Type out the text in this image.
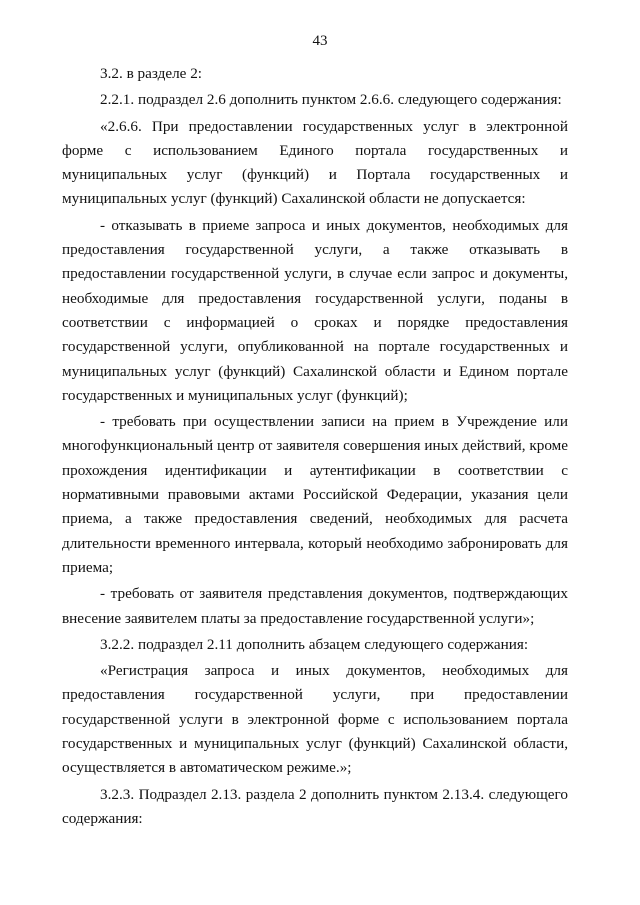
43

3.2. в разделе 2:

2.2.1. подраздел 2.6 дополнить пунктом 2.6.6. следующего содержания:

«2.6.6. При предоставлении государственных услуг в электронной форме с использованием Единого портала государственных и муниципальных услуг (функций) и Портала государственных и муниципальных услуг (функций) Сахалинской области не допускается:

- отказывать в приеме запроса и иных документов, необходимых для предоставления государственной услуги, а также отказывать в предоставлении государственной услуги, в случае если запрос и документы, необходимые для предоставления государственной услуги, поданы в соответствии с информацией о сроках и порядке предоставления государственной услуги, опубликованной на портале государственных и муниципальных услуг (функций) Сахалинской области и Едином портале государственных и муниципальных услуг (функций);

- требовать при осуществлении записи на прием в Учреждение или многофункциональный центр от заявителя совершения иных действий, кроме прохождения идентификации и аутентификации в соответствии с нормативными правовыми актами Российской Федерации, указания цели приема, а также предоставления сведений, необходимых для расчета длительности временного интервала, который необходимо забронировать для приема;

- требовать от заявителя представления документов, подтверждающих внесение заявителем платы за предоставление государственной услуги»;

3.2.2. подраздел 2.11 дополнить абзацем следующего содержания:

«Регистрация запроса и иных документов, необходимых для предоставления государственной услуги, при предоставлении государственной услуги в электронной форме с использованием портала государственных и муниципальных услуг (функций) Сахалинской области, осуществляется в автоматическом режиме.»;

3.2.3. Подраздел 2.13. раздела 2 дополнить пунктом 2.13.4. следующего содержания:
